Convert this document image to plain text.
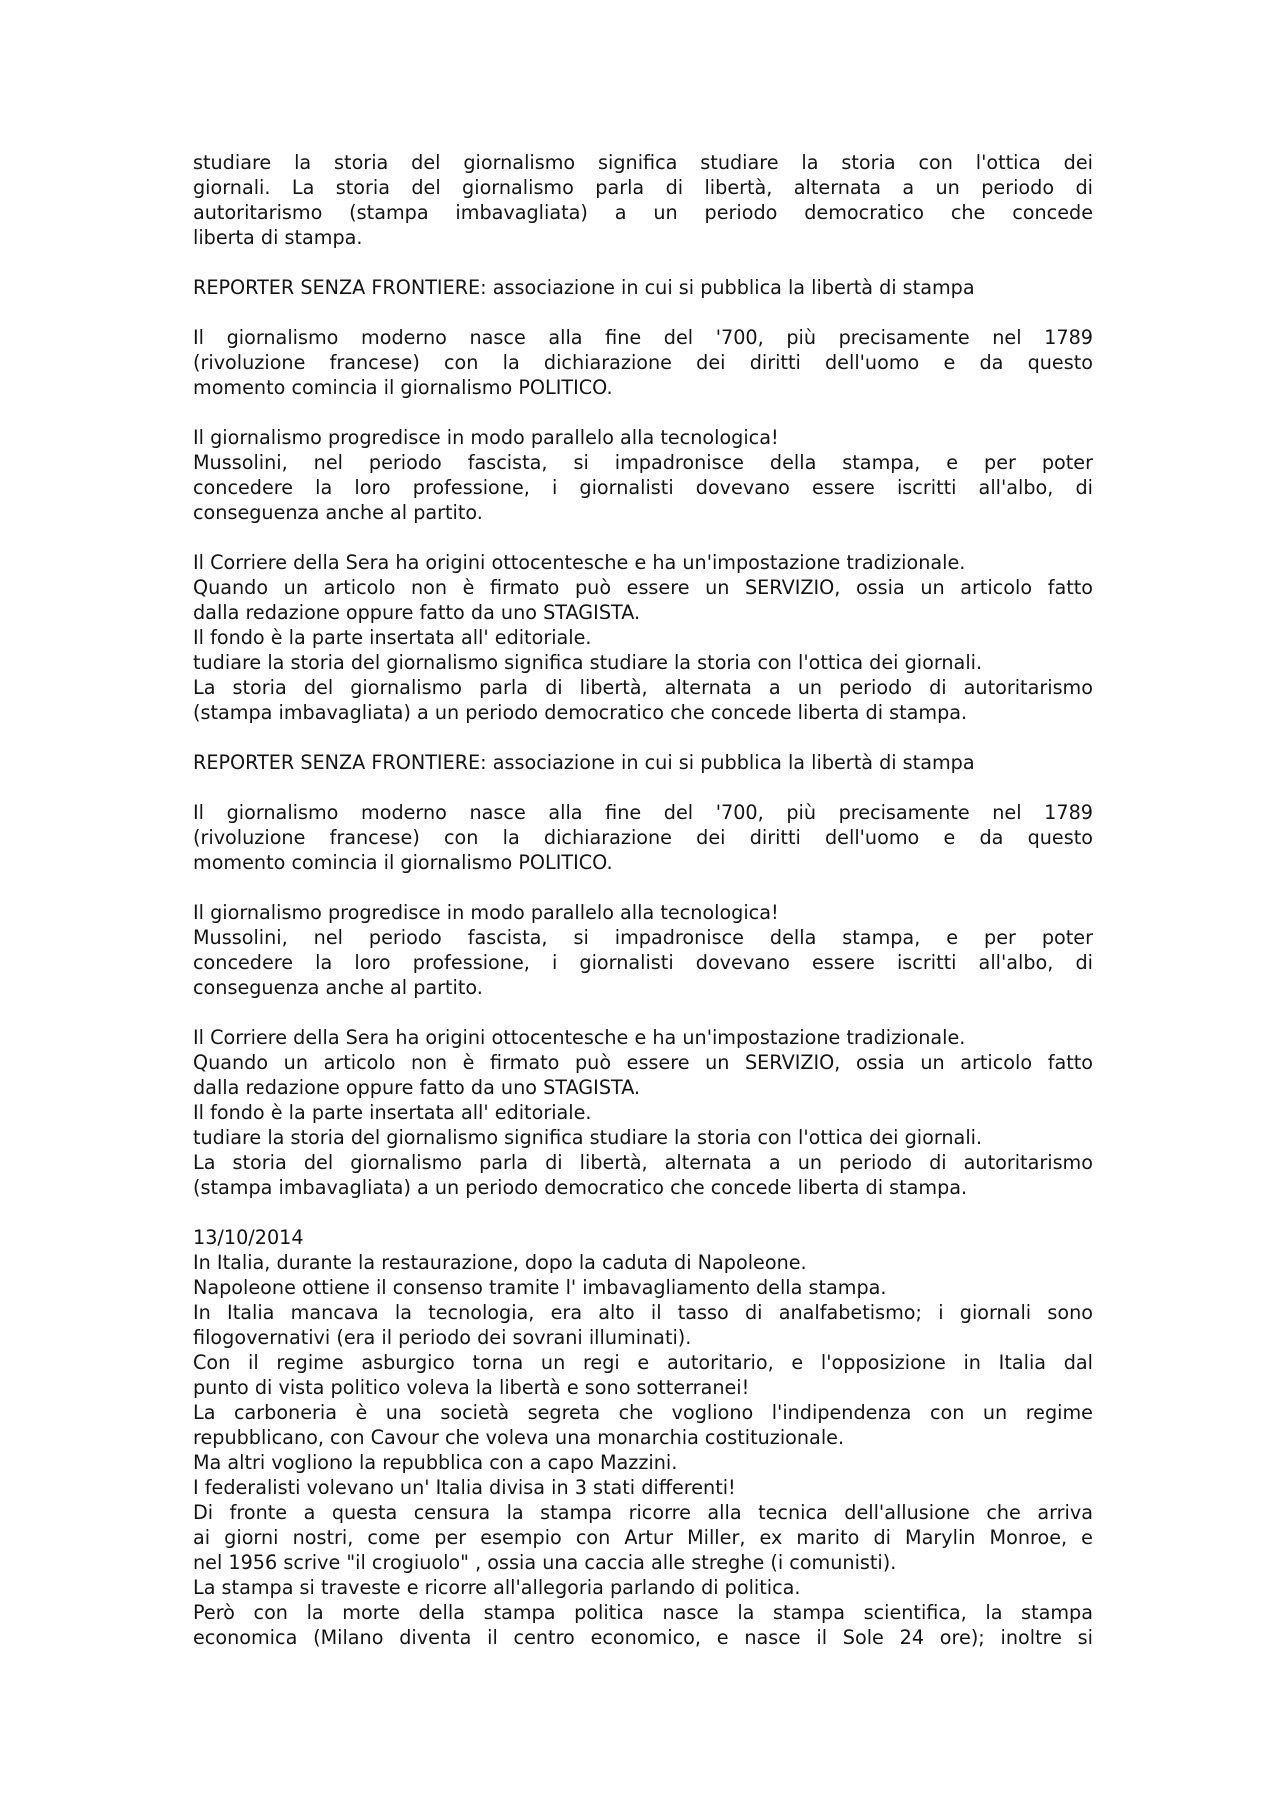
studiare la storia del giornalismo significa studiare la storia con l'ottica dei
giornali. La storia del giornalismo parla di libertà, alternata a un periodo di
autoritarismo (stampa imbavagliata) a un periodo democratico che concede
liberta di stampa.
REPORTER SENZA FRONTIERE: associazione in cui si pubblica la libertà di stampa
Il giornalismo moderno nasce alla fine del '700, più precisamente nel 1789
(rivoluzione francese) con la dichiarazione dei diritti dell'uomo e da questo
momento comincia il giornalismo POLITICO.
Il giornalismo progredisce in modo parallelo alla tecnologica!
Mussolini, nel periodo fascista, si impadronisce della stampa, e per poter
concedere la loro professione, i giornalisti dovevano essere iscritti all'albo, di
conseguenza anche al partito.
Il Corriere della Sera ha origini ottocentesche e ha un'impostazione tradizionale.
Quando un articolo non è firmato può essere un SERVIZIO, ossia un articolo fatto
dalla redazione oppure fatto da uno STAGISTA.
Il fondo è la parte insertata all' editoriale.
tudiare la storia del giornalismo significa studiare la storia con l'ottica dei giornali.
La storia del giornalismo parla di libertà, alternata a un periodo di autoritarismo
(stampa imbavagliata) a un periodo democratico che concede liberta di stampa.
REPORTER SENZA FRONTIERE: associazione in cui si pubblica la libertà di stampa
Il giornalismo moderno nasce alla fine del '700, più precisamente nel 1789
(rivoluzione francese) con la dichiarazione dei diritti dell'uomo e da questo
momento comincia il giornalismo POLITICO.
Il giornalismo progredisce in modo parallelo alla tecnologica!
Mussolini, nel periodo fascista, si impadronisce della stampa, e per poter
concedere la loro professione, i giornalisti dovevano essere iscritti all'albo, di
conseguenza anche al partito.
Il Corriere della Sera ha origini ottocentesche e ha un'impostazione tradizionale.
Quando un articolo non è firmato può essere un SERVIZIO, ossia un articolo fatto
dalla redazione oppure fatto da uno STAGISTA.
Il fondo è la parte insertata all' editoriale.
tudiare la storia del giornalismo significa studiare la storia con l'ottica dei giornali.
La storia del giornalismo parla di libertà, alternata a un periodo di autoritarismo
(stampa imbavagliata) a un periodo democratico che concede liberta di stampa.
13/10/2014
In Italia, durante la restaurazione, dopo la caduta di Napoleone.
Napoleone ottiene il consenso tramite l' imbavagliamento della stampa.
In Italia mancava la tecnologia, era alto il tasso di analfabetismo; i giornali sono
filogovernativi (era il periodo dei sovrani illuminati).
Con il regime asburgico torna un regi e autoritario, e l'opposizione in Italia dal
punto di vista politico voleva la libertà e sono sotterranei!
La carboneria è una società segreta che vogliono l'indipendenza con un regime
repubblicano, con Cavour che voleva una monarchia costituzionale.
Ma altri vogliono la repubblica con a capo Mazzini.
I federalisti volevano un' Italia divisa in 3 stati differenti!
Di fronte a questa censura la stampa ricorre alla tecnica dell'allusione che arriva
ai giorni nostri, come per esempio con Artur Miller, ex marito di Marylin Monroe, e
nel 1956 scrive "il crogiuolo" , ossia una caccia alle streghe (i comunisti).
La stampa si traveste e ricorre all'allegoria parlando di politica.
Però con la morte della stampa politica nasce la stampa scientifica, la stampa
economica (Milano diventa il centro economico, e nasce il Sole 24 ore); inoltre si
